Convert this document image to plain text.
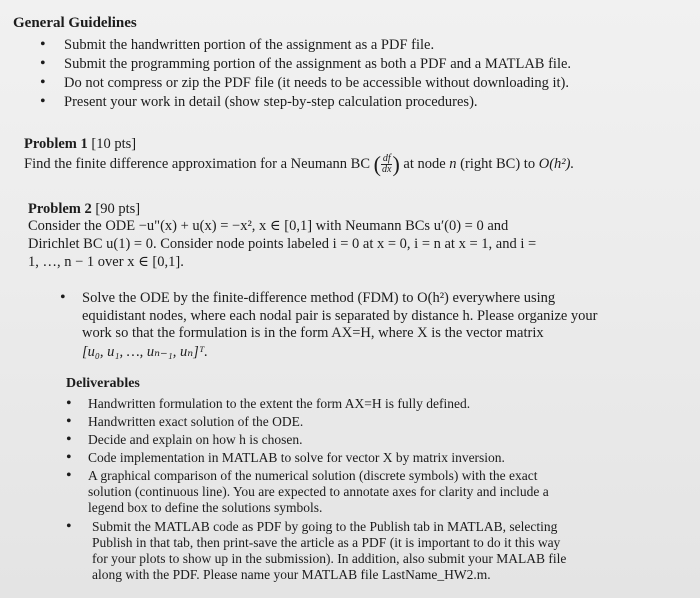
General Guidelines
• Submit the handwritten portion of the assignment as a PDF file.
• Submit the programming portion of the assignment as both a PDF and a MATLAB file.
• Do not compress or zip the PDF file (it needs to be accessible without downloading it).
• Present your work in detail (show step-by-step calculation procedures).
Problem 1 [10 pts]
Find the finite difference approximation for a Neumann BC ( $\frac{df}{dx}$ ) at node n (right BC) to O(h²).
Problem 2 [90 pts]
Consider the ODE −u"(x) + u(x) = −x², x ∈ [0,1] with Neumann BCs u′(0) = 0 and
Dirichlet BC u(1) = 0. Consider node points labeled i = 0 at x = 0, i = n at x = 1, and i =
1, …, n − 1 over x ∈ [0,1].
• Solve the ODE by the finite-difference method (FDM) to O(h²) everywhere using
equidistant nodes, where each nodal pair is separated by distance h. Please organize your
work so that the formulation is in the form AX=H, where X is the vector matrix
[u₀, u₁, …, uₙ₋₁, uₙ]ᵀ.
Deliverables
• Handwritten formulation to the extent the form AX=H is fully defined.
• Handwritten exact solution of the ODE.
• Decide and explain on how h is chosen.
• Code implementation in MATLAB to solve for vector X by matrix inversion.
• A graphical comparison of the numerical solution (discrete symbols) with the exact
solution (continuous line). You are expected to annotate axes for clarity and include a
legend box to define the solutions symbols.
• Submit the MATLAB code as PDF by going to the Publish tab in MATLAB, selecting
Publish in that tab, then print-save the article as a PDF (it is important to do it this way
for your plots to show up in the submission). In addition, also submit your MALAB file
along with the PDF. Please name your MATLAB file LastName_HW2.m.
